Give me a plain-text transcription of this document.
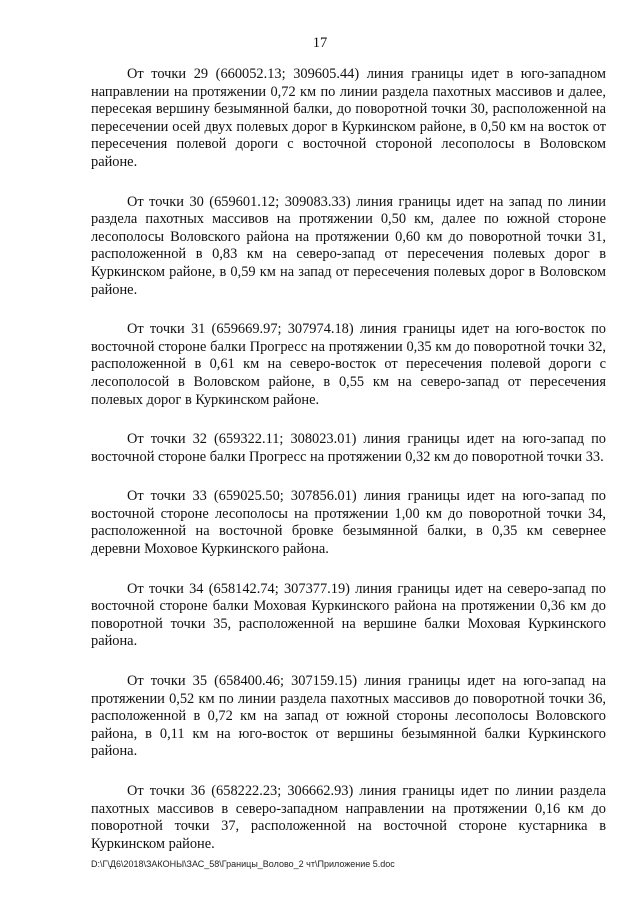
17

От точки 29 (660052.13; 309605.44) линия границы идет в юго-западном направлении на протяжении 0,72 км по линии раздела пахотных массивов и далее, пересекая вершину безымянной балки, до поворотной точки 30, расположенной на пересечении осей двух полевых дорог в Куркинском районе, в 0,50 км на восток от пересечения полевой дороги с восточной стороной лесополосы в Воловском районе.

От точки 30 (659601.12; 309083.33) линия границы идет на запад по линии раздела пахотных массивов на протяжении 0,50 км, далее по южной стороне лесополосы Воловского района на протяжении 0,60 км до поворотной точки 31, расположенной в 0,83 км на северо-запад от пересечения полевых дорог в Куркинском районе, в 0,59 км на запад от пересечения полевых дорог в Воловском районе.

От точки 31 (659669.97; 307974.18) линия границы идет на юго-восток по восточной стороне балки Прогресс на протяжении 0,35 км до поворотной точки 32, расположенной в 0,61 км на северо-восток от пересечения полевой дороги с лесополосой в Воловском районе, в 0,55 км на северо-запад от пересечения полевых дорог в Куркинском районе.

От точки 32 (659322.11; 308023.01) линия границы идет на юго-запад по восточной стороне балки Прогресс на протяжении 0,32 км до поворотной точки 33.

От точки 33 (659025.50; 307856.01) линия границы идет на юго-запад по восточной стороне лесополосы на протяжении 1,00 км до поворотной точки 34, расположенной на восточной бровке безымянной балки, в 0,35 км севернее деревни Моховое Куркинского района.

От точки 34 (658142.74; 307377.19) линия границы идет на северо-запад по восточной стороне балки Моховая Куркинского района на протяжении 0,36 км до поворотной точки 35, расположенной на вершине балки Моховая Куркинского района.

От точки 35 (658400.46; 307159.15) линия границы идет на юго-запад на протяжении 0,52 км по линии раздела пахотных массивов до поворотной точки 36, расположенной в 0,72 км на запад от южной стороны лесополосы Воловского района, в 0,11 км на юго-восток от вершины безымянной балки Куркинского района.

От точки 36 (658222.23; 306662.93) линия границы идет по линии раздела пахотных массивов в северо-западном направлении на протяжении 0,16 км до поворотной точки 37, расположенной на восточной стороне кустарника в Куркинском районе.

D:\Г\Д6\2018\ЗАКОНЫ\ЗАС_58\Границы_Волово_2 чт\Приложение 5.doc
